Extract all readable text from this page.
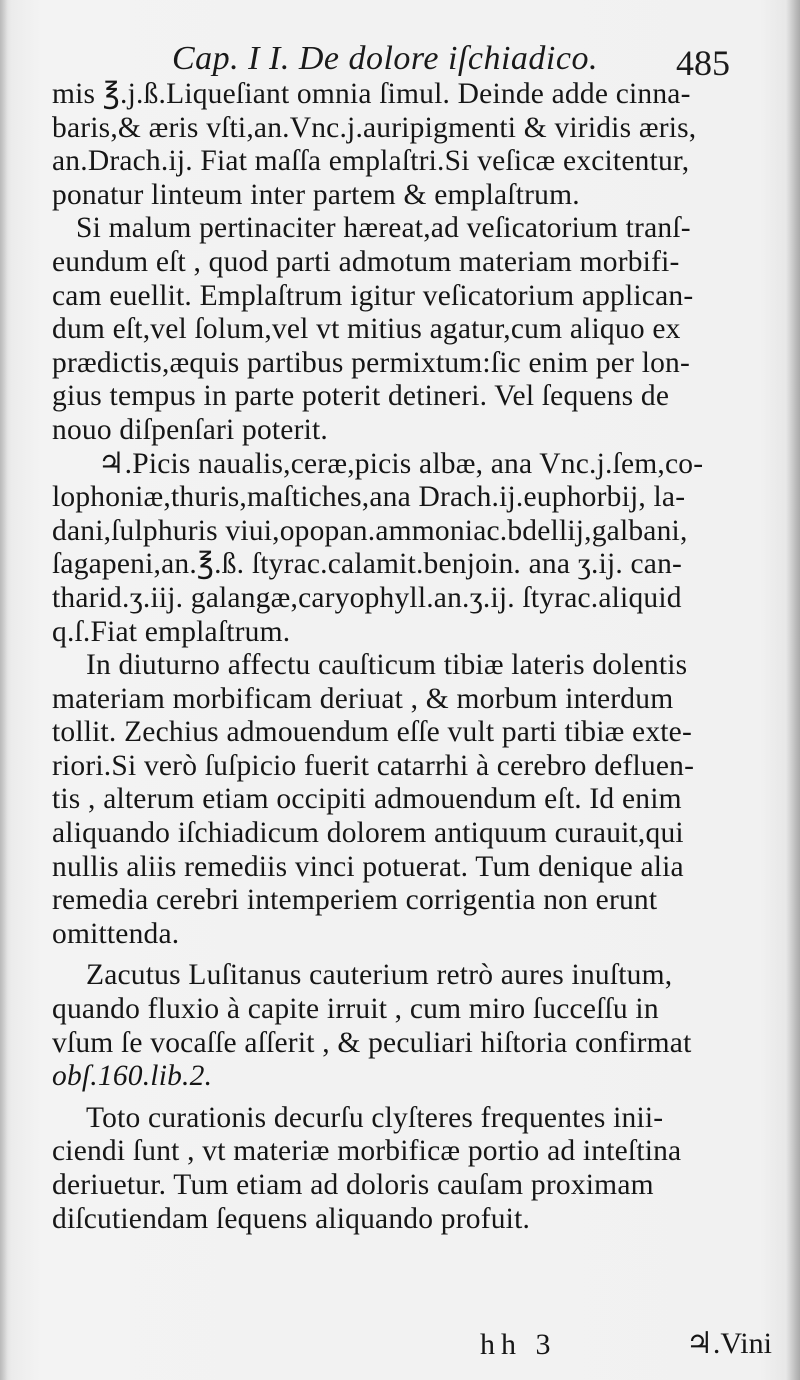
Cap. I I. De dolore iſchiadico. 485
mis ℥.j.ß.Liqueſiant omnia ſimul. Deinde adde cinna-
baris,& æris vſti,an.Vnc.j.auripigmenti & viridis æris,
an.Drach.ij. Fiat maſſa emplaſtri.Si veſicæ excitentur,
ponatur linteum inter partem & emplaſtrum.
Si malum pertinaciter hæreat,ad veſicatorium tranſ-
eundum eſt , quod parti admotum materiam morbifi-
cam euellit. Emplaſtrum igitur veſicatorium applican-
dum eſt,vel ſolum,vel vt mitius agatur,cum aliquo ex
prædictis,æquis partibus permixtum:ſic enim per lon-
gius tempus in parte poterit detineri. Vel ſequens de
nouo diſpenſari poterit.
♃.Picis naualis,ceræ,picis albæ, ana Vnc.j.ſem,co-
lophoniæ,thuris,maſtiches,ana Drach.ij.euphorbij, la-
dani,ſulphuris viui,opopan.ammoniac.bdellij,galbani,
ſagapeni,an.℥.ß. ſtyrac.calamit.benjoin. ana ʒ.ij. can-
tharid.ʒ.iij. galangæ,caryophyll.an.ʒ.ij. ſtyrac.aliquid
q.ſ.Fiat emplaſtrum.
In diuturno affectu cauſticum tibiæ lateris dolentis
materiam morbificam deriuat , & morbum interdum
tollit. Zechius admouendum eſſe vult parti tibiæ exte-
riori.Si verò ſuſpicio fuerit catarrhi à cerebro defluen-
tis , alterum etiam occipiti admouendum eſt. Id enim
aliquando iſchiadicum dolorem antiquum curauit,qui
nullis aliis remediis vinci potuerat. Tum denique alia
remedia cerebri intemperiem corrigentia non erunt
omittenda.
Zacutus Luſitanus cauterium retrò aures inuſtum,
quando fluxio à capite irruit , cum miro ſucceſſu in
vſum ſe vocaſſe aſſerit , & peculiari hiſtoria confirmat
obſ.160.lib.2.
Toto curationis decurſu clyſteres frequentes inii-
ciendi ſunt , vt materiæ morbificæ portio ad inteſtina
deriuetur. Tum etiam ad doloris cauſam proximam
diſcutiendam ſequens aliquando profuit.
hh 3	♃.Vini
